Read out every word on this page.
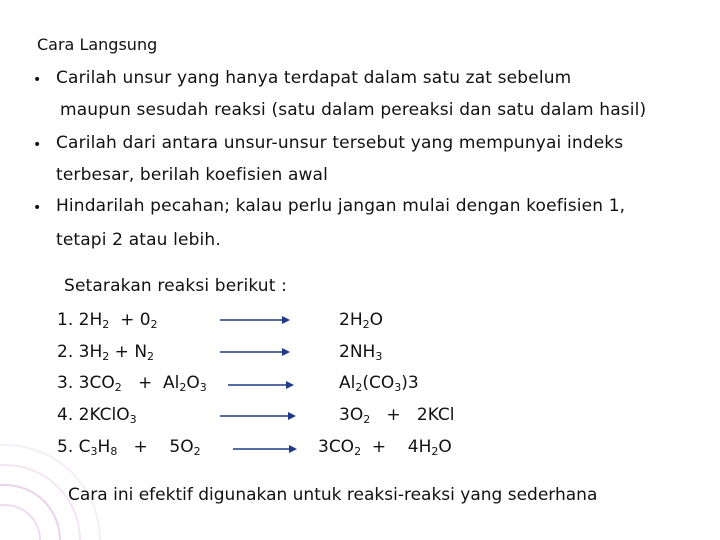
Cara Langsung
• Carilah unsur yang hanya terdapat dalam satu zat sebelum
maupun sesudah reaksi (satu dalam pereaksi dan satu dalam hasil)
• Carilah dari antara unsur-unsur tersebut yang mempunyai indeks
terbesar, berilah koefisien awal
• Hindarilah pecahan; kalau perlu jangan mulai dengan koefisien 1,
tetapi 2 atau lebih.
Setarakan reaksi berikut :
1. $2H_2 + 0_2$	$2H_2O$
2. $3H_2 + N_2$	$2NH_3$
3. $3CO_2 + Al_2O_3$	$Al_2(CO_3)3$
4. 2KClO$_3$	$3O_2 + 2KCl$
5. $C_3H_8 + 5O_2 \to 3CO_2 + 4H_2O$
Cara ini efektif digunakan untuk reaksi-reaksi yang sederhana
